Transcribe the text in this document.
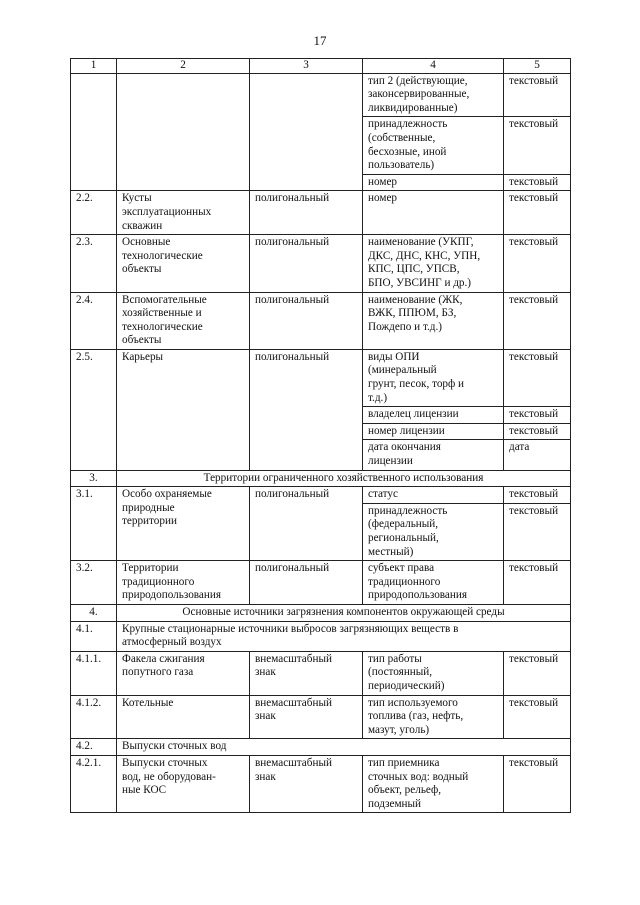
17
1	2	3	4	5
			тип 2 (действующие,
законсервированные,
ликвидированные)	текстовый
			принадлежность
(собственные,
бесхозные, иной
пользователь)	текстовый
			номер	текстовый
2.2.	Кусты
эксплуатационных
скважин	полигональный	номер	текстовый
2.3.	Основные
технологические
объекты	полигональный	наименование (УКПГ,
ДКС, ДНС, КНС, УПН,
КПС, ЦПС, УПСВ,
БПО, УВСИНГ и др.)	текстовый
2.4.	Вспомогательные
хозяйственные и
технологические
объекты	полигональный	наименование (ЖК,
ВЖК, ППЮМ, БЗ,
Пождепо и т.д.)	текстовый
2.5.	Карьеры	полигональный	виды ОПИ
(минеральный
грунт, песок, торф и
т.д.)	текстовый
			владелец лицензии	текстовый
			номер лицензии	текстовый
			дата окончания
лицензии	дата
3.	Территории ограниченного хозяйственного использования			
3.1.	Особо охраняемые
природные
территории	полигональный	статус	текстовый
			принадлежность
(федеральный,
региональный,
местный)	текстовый
3.2.	Территории
традиционного
природопользования	полигональный	субъект права
традиционного
природопользования	текстовый
4.	Основные источники загрязнения компонентов окружающей среды			
4.1.	Крупные стационарные источники выбросов загрязняющих веществ в
атмосферный воздух			
4.1.1.	Факела сжигания
попутного газа	внемасштабный
знак	тип работы
(постоянный,
периодический)	текстовый
4.1.2.	Котельные	внемасштабный
знак	тип используемого
топлива (газ, нефть,
мазут, уголь)	текстовый
4.2.	Выпуски сточных вод			
4.2.1.	Выпуски сточных
вод, не оборудован-
ные КОС	внемасштабный
знак	тип приемника
сточных вод: водный
объект, рельеф,
подземный	текстовый
